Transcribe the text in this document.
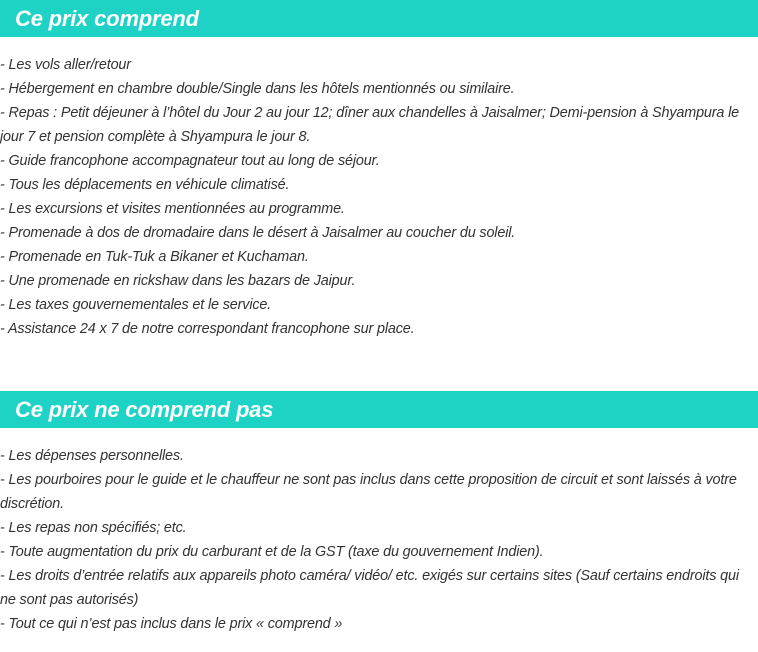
Ce prix comprend
- Les vols aller/retour
- Hébergement en chambre double/Single dans les hôtels mentionnés ou similaire.
- Repas : Petit déjeuner à l’hôtel du Jour 2 au jour 12; dîner aux chandelles à Jaisalmer; Demi-pension à Shyampura le jour 7 et pension complète à Shyampura le jour 8.
- Guide francophone accompagnateur tout au long de séjour.
- Tous les déplacements en véhicule climatisé.
- Les excursions et visites mentionnées au programme.
- Promenade à dos de dromadaire dans le désert à Jaisalmer au coucher du soleil.
- Promenade en Tuk-Tuk a Bikaner et Kuchaman.
- Une promenade en rickshaw dans les bazars de Jaipur.
- Les taxes gouvernementales et le service.
- Assistance 24 x 7 de notre correspondant francophone sur place.
Ce prix ne comprend pas
- Les dépenses personnelles.
- Les pourboires pour le guide et le chauffeur ne sont pas inclus dans cette proposition de circuit et sont laissés à votre discrétion.
- Les repas non spécifiés; etc.
- Toute augmentation du prix du carburant et de la GST (taxe du gouvernement Indien).
- Les droits d’entrée relatifs aux appareils photo caméra/ vidéo/ etc. exigés sur certains sites (Sauf certains endroits qui ne sont pas autorisés)
- Tout ce qui n’est pas inclus dans le prix « comprend »
